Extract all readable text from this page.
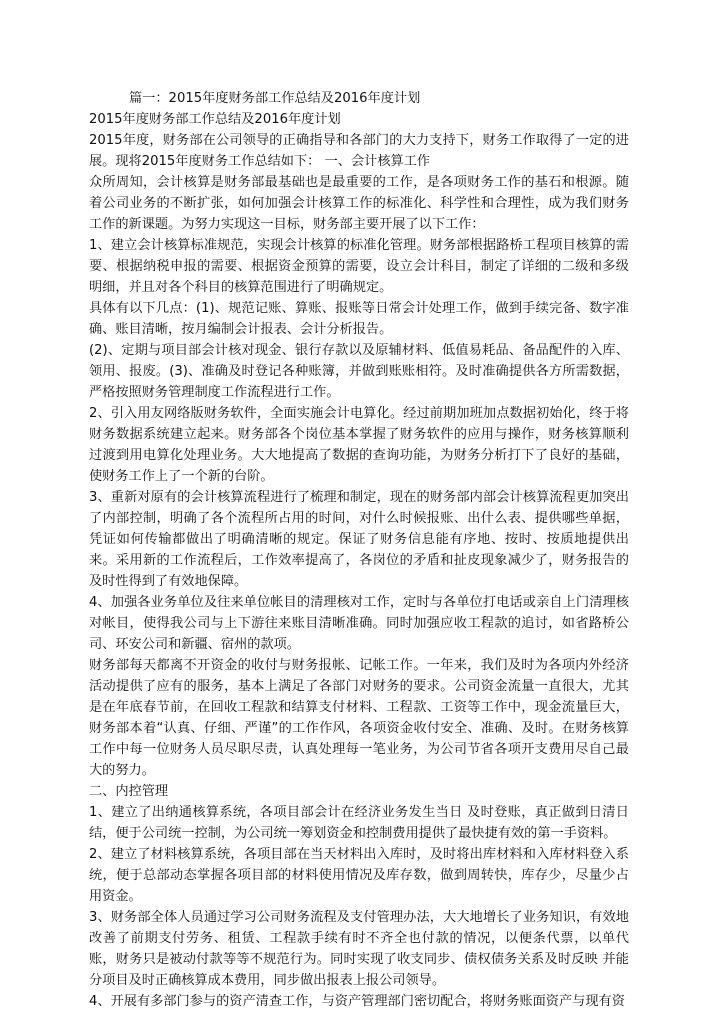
篇一：2015年度财务部工作总结及2016年度计划

2015年度财务部工作总结及2016年度计划

2015年度，财务部在公司领导的正确指导和各部门的大力支持下，财务工作取得了一定的进展。现将2015年度财务工作总结如下： 一、会计核算工作

众所周知，会计核算是财务部最基础也是最重要的工作，是各项财务工作的基石和根源。随着公司业务的不断扩张，如何加强会计核算工作的标准化、科学性和合理性，成为我们财务工作的新课题。为努力实现这一目标，财务部主要开展了以下工作：

1、建立会计核算标准规范，实现会计核算的标准化管理。财务部根据路桥工程项目核算的需要、根据纳税申报的需要、根据资金预算的需要，设立会计科目，制定了详细的二级和多级明细，并且对各个科目的核算范围进行了明确规定。

具体有以下几点：(1)、规范记账、算账、报账等日常会计处理工作，做到手续完备、数字准确、账目清晰，按月编制会计报表、会计分析报告。

(2)、定期与项目部会计核对现金、银行存款以及原辅材料、低值易耗品、备品配件的入库、领用、报废。(3)、准确及时登记各种账簿，并做到账账相符。及时准确提供各方所需数据，严格按照财务管理制度工作流程进行工作。

2、引入用友网络版财务软件，全面实施会计电算化。经过前期加班加点数据初始化，终于将财务数据系统建立起来。财务部各个岗位基本掌握了财务软件的应用与操作，财务核算顺利过渡到用电算化处理业务。大大地提高了数据的查询功能，为财务分析打下了良好的基础，使财务工作上了一个新的台阶。

3、重新对原有的会计核算流程进行了梳理和制定，现在的财务部内部会计核算流程更加突出了内部控制，明确了各个流程所占用的时间，对什么时候报账、出什么表、提供哪些单据，凭证如何传输都做出了明确清晰的规定。保证了财务信息能有序地、按时、按质地提供出来。采用新的工作流程后，工作效率提高了，各岗位的矛盾和扯皮现象减少了，财务报告的及时性得到了有效地保障。

4、加强各业务单位及往来单位帐目的清理核对工作，定时与各单位打电话或亲自上门清理核对帐目，使得我公司与上下游往来账目清晰准确。同时加强应收工程款的追讨，如省路桥公司、环安公司和新疆、宿州的款项。

财务部每天都离不开资金的收付与财务报帐、记帐工作。一年来，我们及时为各项内外经济活动提供了应有的服务，基本上满足了各部门对财务的要求。公司资金流量一直很大，尤其是在年底春节前，在回收工程款和结算支付材料、工程款、工资等工作中，现金流量巨大，财务部本着“认真、仔细、严谨”的工作作风，各项资金收付安全、准确、及时。在财务核算工作中每一位财务人员尽职尽责，认真处理每一笔业务，为公司节省各项开支费用尽自己最大的努力。

二、内控管理

1、建立了出纳通核算系统，各项目部会计在经济业务发生当日 及时登账，真正做到日清日结，便于公司统一控制，为公司统一筹划资金和控制费用提供了最快捷有效的第一手资料。

2、建立了材料核算系统，各项目部在当天材料出入库时，及时将出库材料和入库材料登入系统，便于总部动态掌握各项目部的材料使用情况及库存数，做到周转快，库存少，尽量少占用资金。

3、财务部全体人员通过学习公司财务流程及支付管理办法，大大地增长了业务知识，有效地改善了前期支付劳务、租赁、工程款手续有时不齐全也付款的情况，以便条代票，以单代账，财务只是被动付款等等不规范行为。同时实现了收支同步、债权债务关系及时反映 并能分项目及时正确核算成本费用，同步做出报表上报公司领导。

4、开展有多部门参与的资产清查工作，与资产管理部门密切配合，将财务账面资产与现有资
